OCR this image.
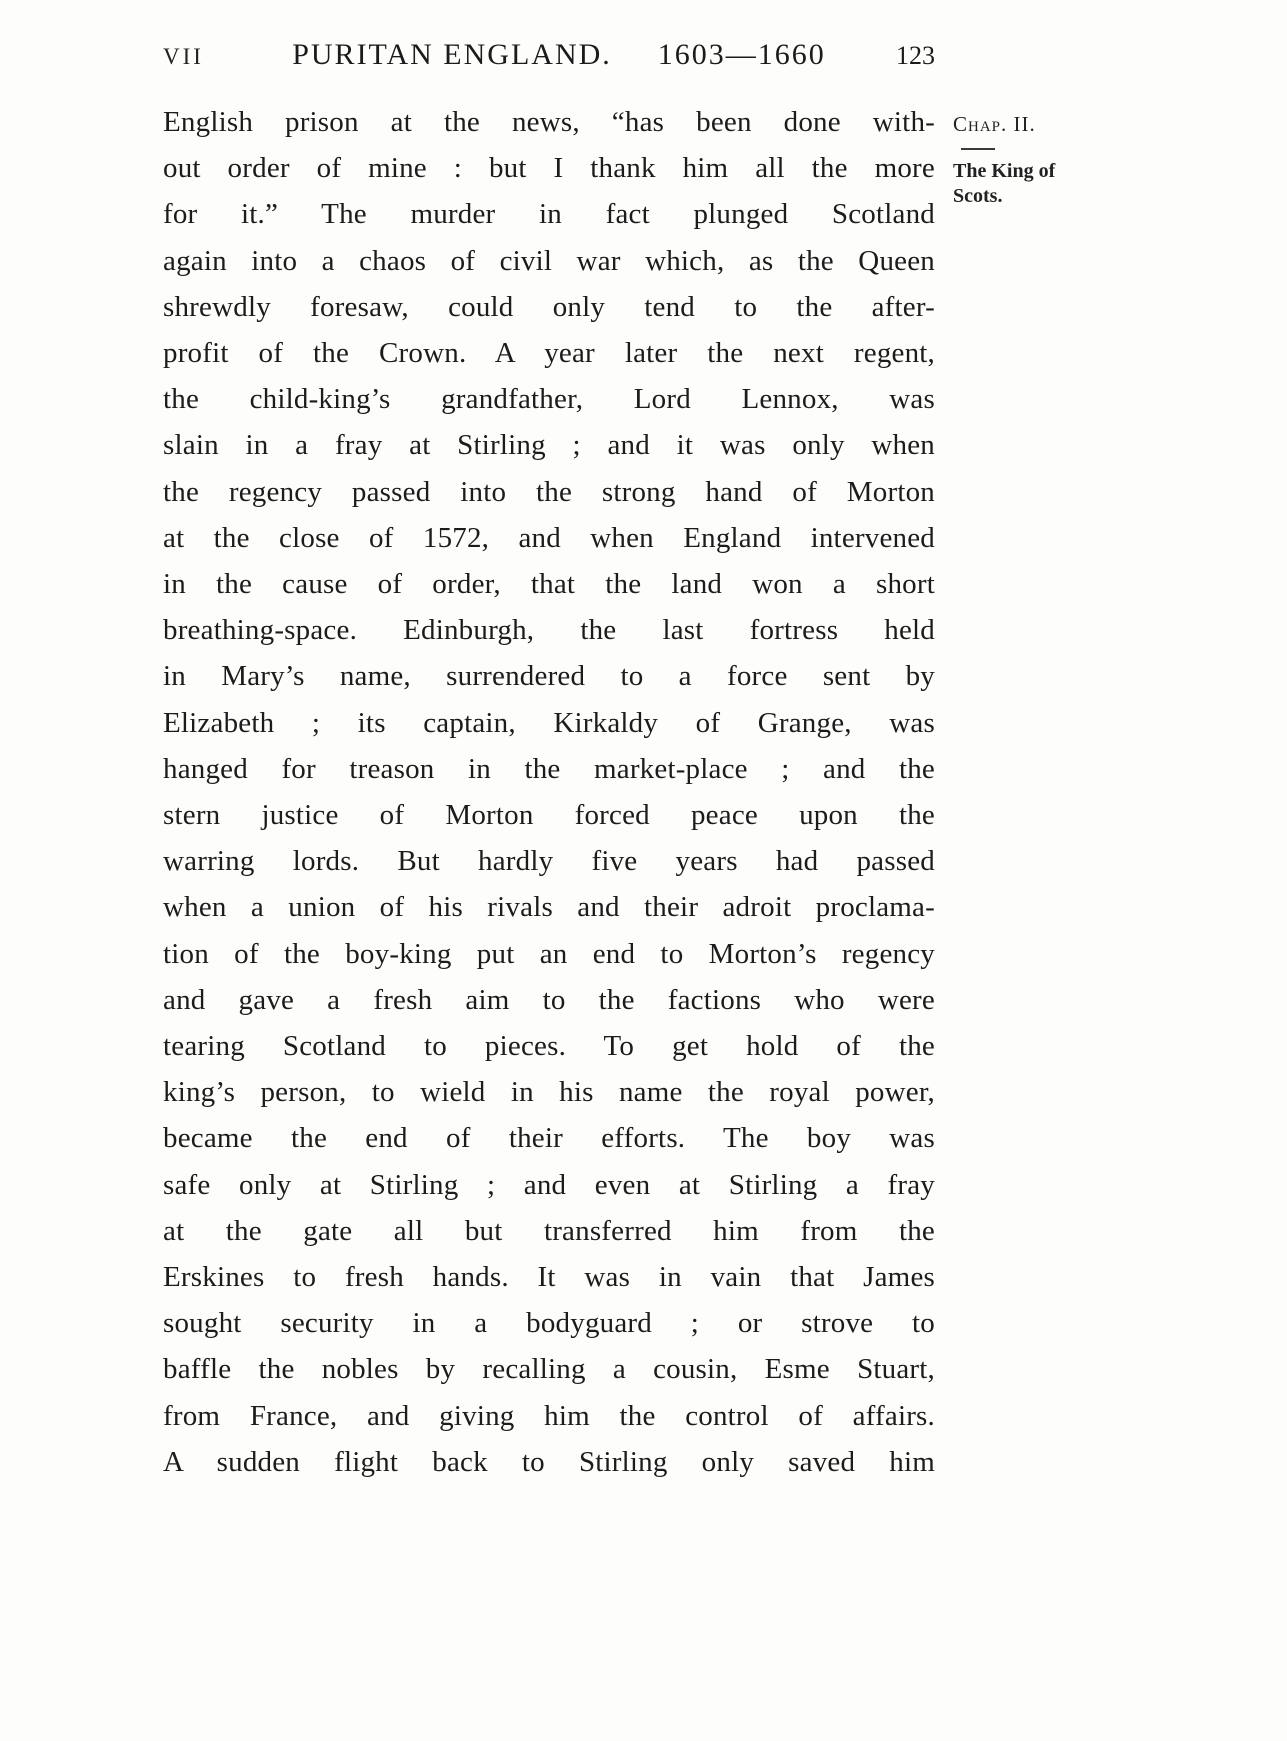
VII	PURITAN ENGLAND. 1603—1660	123
English prison at the news, “has been done with-
out order of mine : but I thank him all the more
for it.” The murder in fact plunged Scotland
again into a chaos of civil war which, as the Queen
shrewdly foresaw, could only tend to the after-
profit of the Crown. A year later the next regent,
the child-king’s grandfather, Lord Lennox, was
slain in a fray at Stirling ; and it was only when
the regency passed into the strong hand of Morton
at the close of 1572, and when England intervened
in the cause of order, that the land won a short
breathing-space. Edinburgh, the last fortress held
in Mary’s name, surrendered to a force sent by
Elizabeth ; its captain, Kirkaldy of Grange, was
hanged for treason in the market-place ; and the
stern justice of Morton forced peace upon the
warring lords. But hardly five years had passed
when a union of his rivals and their adroit proclama-
tion of the boy-king put an end to Morton’s regency
and gave a fresh aim to the factions who were
tearing Scotland to pieces. To get hold of the
king’s person, to wield in his name the royal power,
became the end of their efforts. The boy was
safe only at Stirling ; and even at Stirling a fray
at the gate all but transferred him from the
Erskines to fresh hands. It was in vain that James
sought security in a bodyguard ; or strove to
baffle the nobles by recalling a cousin, Esme Stuart,
from France, and giving him the control of affairs.
A sudden flight back to Stirling only saved him
Chap. II.
The King of Scots.
